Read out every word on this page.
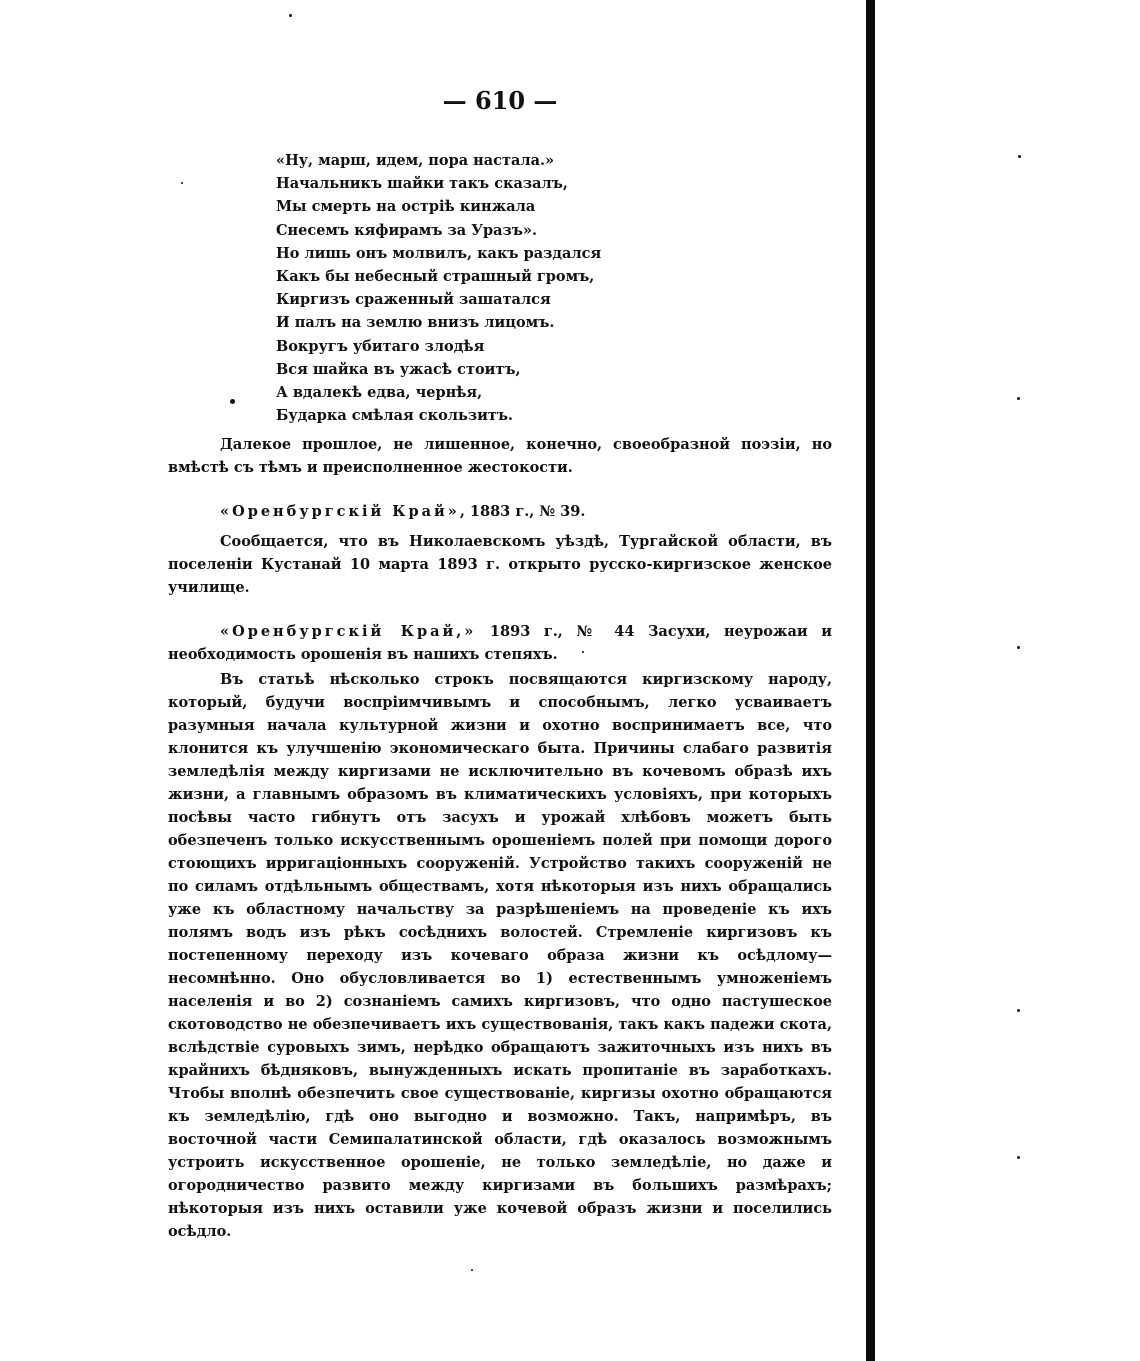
— 610 —
«Ну, марш, идем, пора настала.»
Начальникъ шайки такъ сказалъ,
Мы смерть на острiѣ кинжала
Снесемъ кяфирамъ за Уразъ».
Но лишь онъ молвилъ, какъ раздался
Какъ бы небесный страшный громъ,
Киргизъ сраженный зашатался
И палъ на землю внизъ лицомъ.
Вокругъ убитаго злодѣя
Вся шайка въ ужасѣ стоитъ,
А вдалекѣ едва, чернѣя,
Бударка смѣлая скользитъ.

Далекое прошлое, не лишенное, конечно, своеобразной поэзiи, но вмѣстѣ съ тѣмъ и преисполненное жестокости.

«Оренбургскiй Край», 1883 г., № 39.

Сообщается, что въ Николаевскомъ уѣздѣ, Тургайской области, въ поселенiи Кустанай 10 марта 1893 г. открыто русско-киргизское женское училище.

«Оренбургскiй Край,» 1893 г., № 44 Засухи, неурожаи и необходимость орошенiя въ нашихъ степяхъ.

Въ статьѣ нѣсколько строкъ посвящаются киргизскому народу, который, будучи воспрiимчивымъ и способнымъ, легко усваиваетъ разумныя начала культурной жизни и охотно воспринимаетъ все, что клонится къ улучшенiю экономическаго быта. Причины слабаго развитiя земледѣлiя между киргизами не исключительно въ кочевомъ образѣ ихъ жизни, а главнымъ образомъ въ климатическихъ условiяхъ, при которыхъ посѣвы часто гибнутъ отъ засухъ и урожай хлѣбовъ можетъ быть обезпеченъ только искусственнымъ орошенiемъ полей при помощи дорого стоющихъ ирригацiонныхъ сооруженiй. Устройство такихъ сооруженiй не по силамъ отдѣльнымъ обществамъ, хотя нѣкоторыя изъ нихъ обращались уже къ областному начальству за разрѣшенiемъ на проведенiе къ ихъ полямъ водъ изъ рѣкъ сосѣднихъ волостей. Стремленiе киргизовъ къ постепенному переходу изъ кочеваго образа жизни къ осѣдлому—несомнѣнно. Оно обусловливается во 1) естественнымъ умноженiемъ населенiя и во 2) сознанiемъ самихъ киргизовъ, что одно пастушеское скотоводство не обезпечиваетъ ихъ существованiя, такъ какъ падежи скота, вслѣдствiе суровыхъ зимъ, нерѣдко обращаютъ зажиточныхъ изъ нихъ въ крайнихъ бѣдняковъ, вынужденныхъ искать пропитанiе въ заработкахъ. Чтобы вполнѣ обезпечить свое существованiе, киргизы охотно обращаются къ земледѣлiю, гдѣ оно выгодно и возможно. Такъ, напримѣръ, въ восточной части Семипалатинской области, гдѣ оказалось возможнымъ устроить искусственное орошенiе, не только земледѣлiе, но даже и огородничество развито между киргизами въ большихъ размѣрахъ; нѣкоторыя изъ нихъ оставили уже кочевой образъ жизни и поселились осѣдло.
